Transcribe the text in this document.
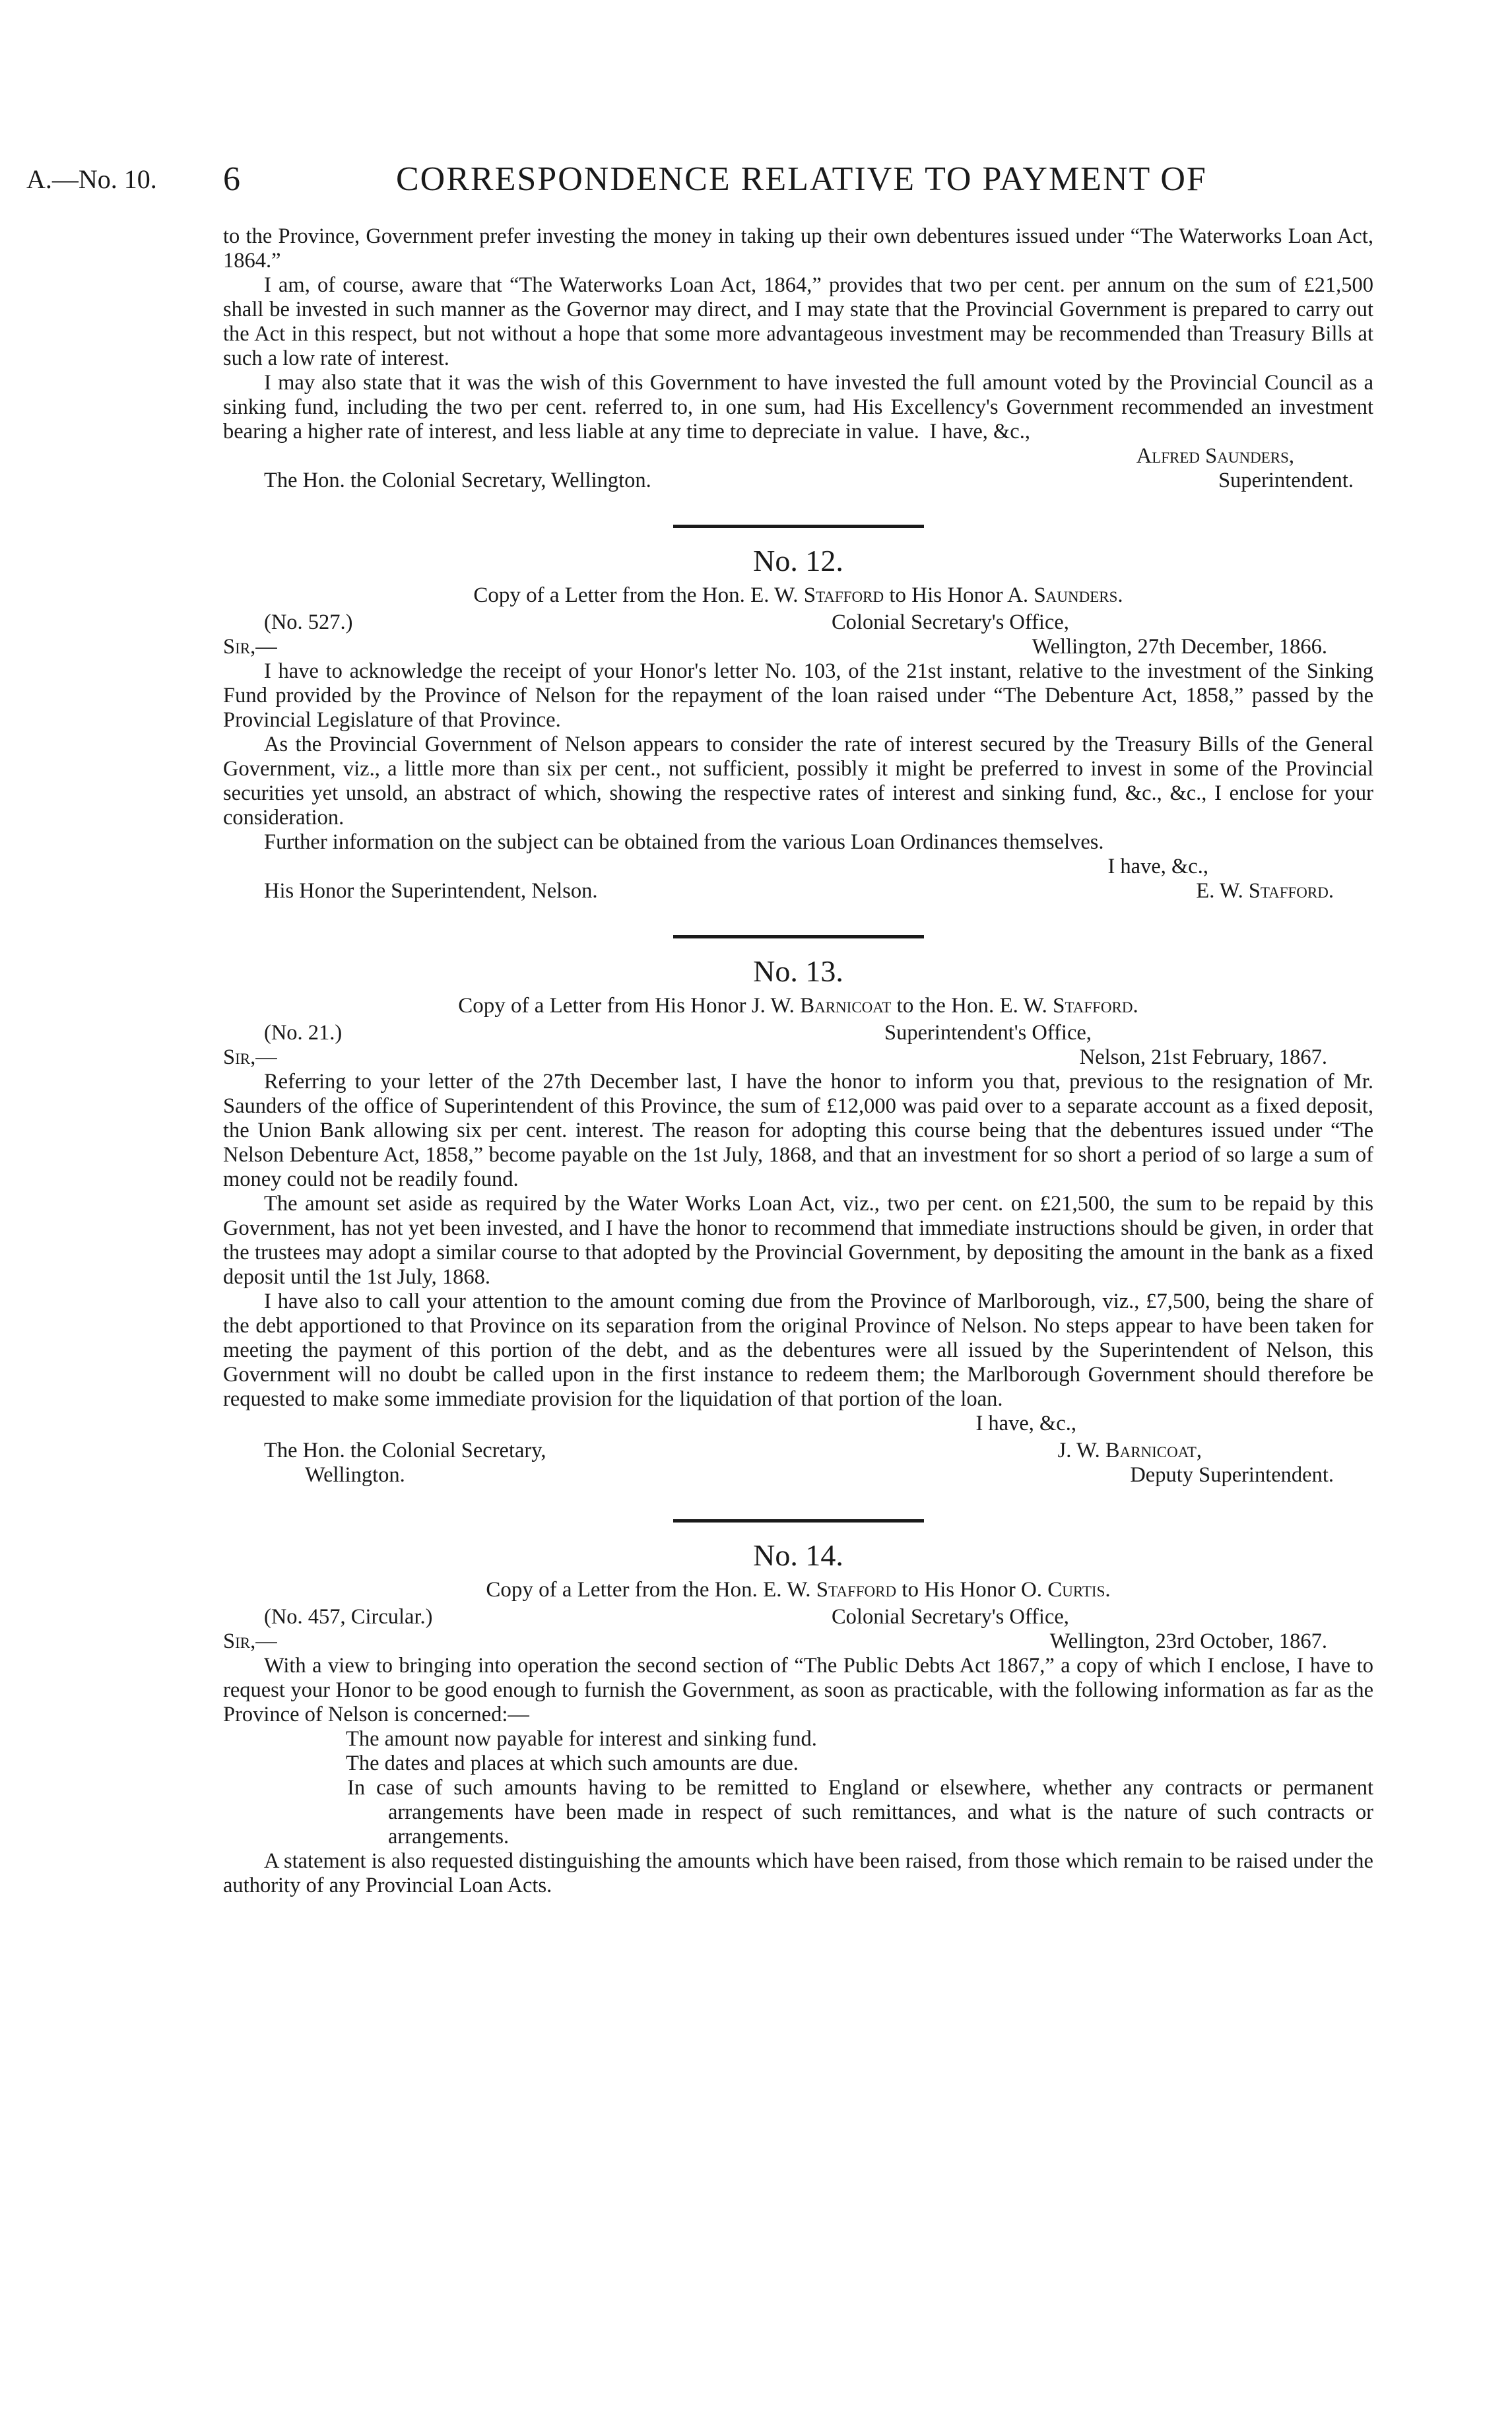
A.—No. 10. 6	CORRESPONDENCE RELATIVE TO PAYMENT OF

to the Province, Government prefer investing the money in taking up their own debentures issued under “The Waterworks Loan Act, 1864.”

I am, of course, aware that “The Waterworks Loan Act, 1864,” provides that two per cent. per annum on the sum of £21,500 shall be invested in such manner as the Governor may direct, and I may state that the Provincial Government is prepared to carry out the Act in this respect, but not without a hope that some more advantageous investment may be recommended than Treasury Bills at such a low rate of interest.

I may also state that it was the wish of this Government to have invested the full amount voted by the Provincial Council as a sinking fund, including the two per cent. referred to, in one sum, had His Excellency's Government recommended an investment bearing a higher rate of interest, and less liable at any time to depreciate in value. I have, &c.,
Alfred Saunders,
The Hon. the Colonial Secretary, Wellington.	Superintendent.
No. 12.
Copy of a Letter from the Hon. E. W. Stafford to His Honor A. Saunders.
(No. 527.)	Colonial Secretary's Office,
Sir,—	Wellington, 27th December, 1866.

I have to acknowledge the receipt of your Honor's letter No. 103, of the 21st instant, relative to the investment of the Sinking Fund provided by the Province of Nelson for the repayment of the loan raised under “The Debenture Act, 1858,” passed by the Provincial Legislature of that Province.

As the Provincial Government of Nelson appears to consider the rate of interest secured by the Treasury Bills of the General Government, viz., a little more than six per cent., not sufficient, possibly it might be preferred to invest in some of the Provincial securities yet unsold, an abstract of which, showing the respective rates of interest and sinking fund, &c., &c., I enclose for your consideration.

Further information on the subject can be obtained from the various Loan Ordinances themselves.

I have, &c.,
His Honor the Superintendent, Nelson.	E. W. Stafford.
No. 13.
Copy of a Letter from His Honor J. W. Barnicoat to the Hon. E. W. Stafford.
(No. 21.)	Superintendent's Office,
Sir,—	Nelson, 21st February, 1867.

Referring to your letter of the 27th December last, I have the honor to inform you that, previous to the resignation of Mr. Saunders of the office of Superintendent of this Province, the sum of £12,000 was paid over to a separate account as a fixed deposit, the Union Bank allowing six per cent. interest. The reason for adopting this course being that the debentures issued under “The Nelson Debenture Act, 1858,” become payable on the 1st July, 1868, and that an investment for so short a period of so large a sum of money could not be readily found.

The amount set aside as required by the Water Works Loan Act, viz., two per cent. on £21,500, the sum to be repaid by this Government, has not yet been invested, and I have the honor to recommend that immediate instructions should be given, in order that the trustees may adopt a similar course to that adopted by the Provincial Government, by depositing the amount in the bank as a fixed deposit until the 1st July, 1868.

I have also to call your attention to the amount coming due from the Province of Marlborough, viz., £7,500, being the share of the debt apportioned to that Province on its separation from the original Province of Nelson. No steps appear to have been taken for meeting the payment of this portion of the debt, and as the debentures were all issued by the Superintendent of Nelson, this Government will no doubt be called upon in the first instance to redeem them; the Marlborough Government should therefore be requested to make some immediate provision for the liquidation of that portion of the loan.

I have, &c.,
The Hon. the Colonial Secretary,
Wellington.
J. W. Barnicoat,
Deputy Superintendent.
No. 14.
Copy of a Letter from the Hon. E. W. Stafford to His Honor O. Curtis.
(No. 457, Circular.)	Colonial Secretary's Office,
Sir,—	Wellington, 23rd October, 1867.

With a view to bringing into operation the second section of “The Public Debts Act 1867,” a copy of which I enclose, I have to request your Honor to be good enough to furnish the Government, as soon as practicable, with the following information as far as the Province of Nelson is concerned:—

The amount now payable for interest and sinking fund.

The dates and places at which such amounts are due.

In case of such amounts having to be remitted to England or elsewhere, whether any contracts or permanent arrangements have been made in respect of such remittances, and what is the nature of such contracts or arrangements.

A statement is also requested distinguishing the amounts which have been raised, from those which remain to be raised under the authority of any Provincial Loan Acts.
